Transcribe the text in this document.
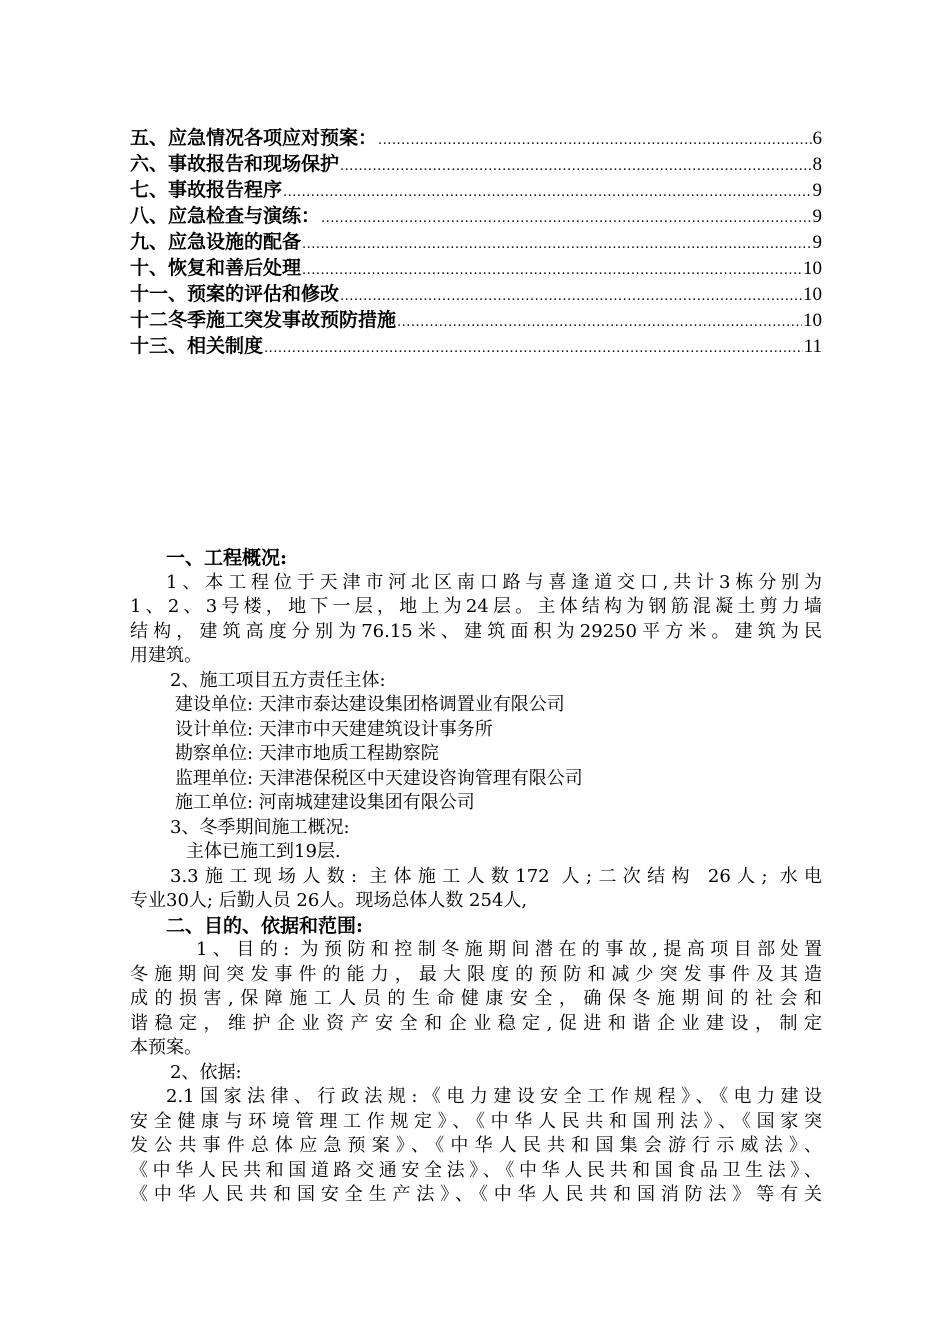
五、应急情况各项应对预案： .....	6
六、事故报告和现场保护 .....	8
七、事故报告程序 .....	9
八、应急检查与演练： .....	9
九、应急设施的配备 .....	9
十、恢复和善后处理 .....	10
十一、预案的评估和修改 .....	10
十二冬季施工突发事故预防措施 .....	10
十三、相关制度 .....	11
一、工程概况:
1、本工程位于天津市河北区南口路与喜逢道交口,共计3栋分别为
1、2、3号楼，地下一层，地上为24层。主体结构为钢筋混凝土剪力墙
结构，建筑高度分别为76.15米、建筑面积为29250平方米。建筑为民
用建筑。
2、施工项目五方责任主体:
建设单位: 天津市泰达建设集团格调置业有限公司
设计单位: 天津市中天建建筑设计事务所
勘察单位: 天津市地质工程勘察院
监理单位: 天津港保税区中天建设咨询管理有限公司
施工单位: 河南城建建设集团有限公司
3、冬季期间施工概况:
主体已施工到19层.
3.3施工现场人数: 主体施工人数172 人;二次结构 26人; 水电
专业30人; 后勤人员 26人。现场总体人数 254人,
二、目的、依据和范围:
1、目的: 为预防和控制冬施期间潜在的事故,提高项目部处置
冬施期间突发事件的能力，最大限度的预防和减少突发事件及其造
成的损害,保障施工人员的生命健康安全，确保冬施期间的社会和
谐稳定，维护企业资产安全和企业稳定,促进和谐企业建设，制定
本预案。
2、依据:
2.1国家法律、行政法规:《电力建设安全工作规程》、《电力建设
安全健康与环境管理工作规定》、《中华人民共和国刑法》、《国家突
发公共事件总体应急预案》、《中华人民共和国集会游行示威法》、
《中华人民共和国道路交通安全法》、《中华人民共和国食品卫生法》、
《中华人民共和国安全生产法》、《中华人民共和国消防法》等有关
